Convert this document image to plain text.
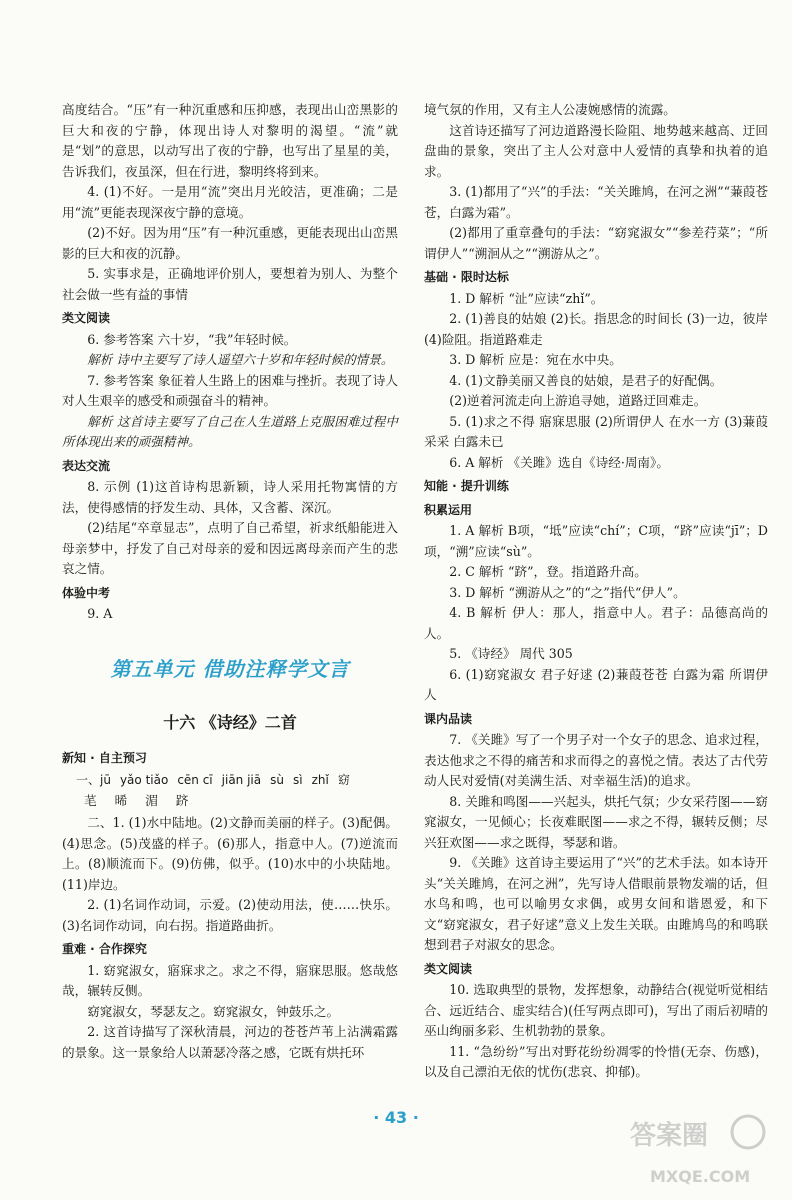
高度结合。“压”有一种沉重感和压抑感，表现出山峦黑影的巨大和夜的宁静，体现出诗人对黎明的渴望。“流”就是“划”的意思，以动写出了夜的宁静，也写出了星星的美，告诉我们，夜虽深，但在行进，黎明终将到来。

4. (1)不好。一是用“流”突出月光皎洁，更准确；二是用“流”更能表现深夜宁静的意境。

(2)不好。因为用“压”有一种沉重感，更能表现出山峦黑影的巨大和夜的沉静。

5. 实事求是，正确地评价别人，要想着为别人、为整个社会做一些有益的事情

类文阅读

6. 参考答案 六十岁，“我”年轻时候。

解析 诗中主要写了诗人遥望六十岁和年轻时候的情景。

7. 参考答案 象征着人生路上的困难与挫折。表现了诗人对人生艰辛的感受和顽强奋斗的精神。

解析 这首诗主要写了自己在人生道路上克服困难过程中所体现出来的顽强精神。

表达交流

8. 示例 (1)这首诗构思新颖，诗人采用托物寓情的方法，使得感情的抒发生动、具体，又含蓄、深沉。

(2)结尾“卒章显志”，点明了自己希望，祈求纸船能进入母亲梦中，抒发了自己对母亲的爱和因远离母亲而产生的悲哀之情。

体验中考

9. A

第五单元 借助注释学文言
十六 《诗经》二首

新知 · 自主预习

一、jū yǎo tiǎo cēn cī jiān jiā sù sì zhǐ 窈
芼 晞 湄 跻

二、1. (1)水中陆地。(2)文静而美丽的样子。(3)配偶。(4)思念。(5)茂盛的样子。(6)那人，指意中人。(7)逆流而上。(8)顺流而下。(9)仿佛，似乎。(10)水中的小块陆地。(11)岸边。

2. (1)名词作动词，示爱。(2)使动用法，使……快乐。(3)名词作动词，向右拐。指道路曲折。

重难 · 合作探究

1. 窈窕淑女，寤寐求之。求之不得，寤寐思服。悠哉悠哉，辗转反侧。

窈窕淑女，琴瑟友之。窈窕淑女，钟鼓乐之。

2. 这首诗描写了深秋清晨，河边的苍苍芦苇上沾满霜露的景象。这一景象给人以萧瑟冷落之感，它既有烘托环

境气氛的作用，又有主人公凄婉感情的流露。

这首诗还描写了河边道路漫长险阻、地势越来越高、迂回盘曲的景象，突出了主人公对意中人爱情的真挚和执着的追求。

3. (1)都用了“兴”的手法：“关关雎鸠，在河之洲”“蒹葭苍苍，白露为霜”。

(2)都用了重章叠句的手法：“窈窕淑女”“参差荇菜”；“所谓伊人”“溯洄从之”“溯游从之”。

基础 · 限时达标

1. D 解析 “沚”应读“zhǐ”。

2. (1)善良的姑娘 (2)长。指思念的时间长 (3)一边，彼岸 (4)险阻。指道路难走

3. D 解析 应是：宛在水中央。

4. (1)文静美丽又善良的姑娘，是君子的好配偶。

(2)逆着河流走向上游追寻她，道路迂回难走。

5. (1)求之不得 寤寐思服 (2)所谓伊人 在水一方 (3)蒹葭采采 白露未已

6. A 解析 《关雎》选自《诗经·周南》。

知能 · 提升训练

积累运用

1. A 解析 B项，“坻”应读“chí”；C项，“跻”应读“jī”；D项，“溯”应读“sù”。

2. C 解析 “跻”，登。指道路升高。

3. D 解析 “溯游从之”的“之”指代“伊人”。

4. B 解析 伊人：那人，指意中人。君子：品德高尚的人。

5. 《诗经》 周代 305

6. (1)窈窕淑女 君子好逑 (2)蒹葭苍苍 白露为霜 所谓伊人

课内品读

7. 《关雎》写了一个男子对一个女子的思念、追求过程，表达他求之不得的痛苦和求而得之的喜悦之情。表达了古代劳动人民对爱情(对美满生活、对幸福生活)的追求。

8. 关雎和鸣图——兴起头，烘托气氛；少女采荇图——窈窕淑女，一见倾心；长夜难眠图——求之不得，辗转反侧；尽兴狂欢图——求之既得，琴瑟和谐。

9. 《关雎》这首诗主要运用了“兴”的艺术手法。如本诗开头“关关雎鸠，在河之洲”，先写诗人借眼前景物发端的话，但水鸟和鸣，也可以喻男女求偶，或男女间和谐恩爱，和下文“窈窕淑女，君子好逑”意义上发生关联。由雎鸠鸟的和鸣联想到君子对淑女的思念。

类文阅读

10. 选取典型的景物，发挥想象，动静结合(视觉听觉相结合、远近结合、虚实结合)(任写两点即可)，写出了雨后初晴的巫山绚丽多彩、生机勃勃的景象。

11. “急纷纷”写出对野花纷纷凋零的怜惜(无奈、伤感)，以及自己漂泊无依的忧伤(悲哀、抑郁)。

· 43 ·
答案圈
MXQE.COM
